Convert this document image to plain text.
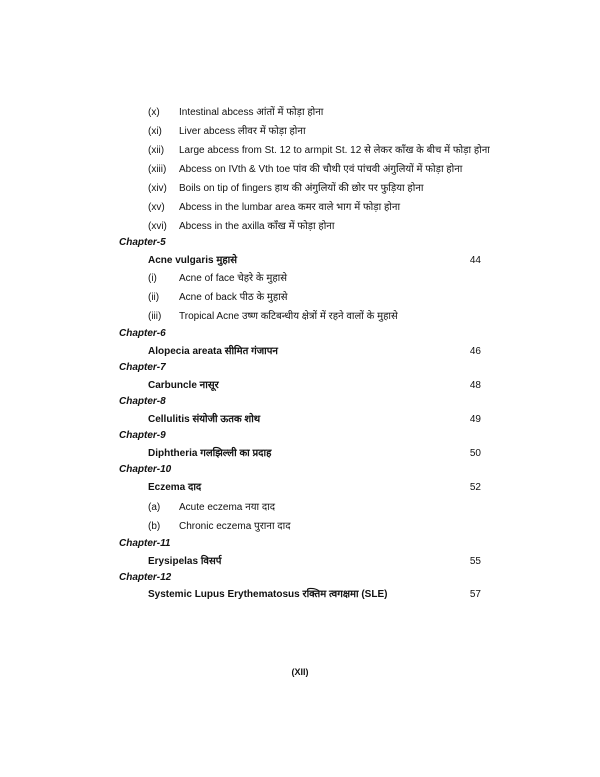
(x)	Intestinal abcess आंतों में फोड़ा होना
(xi)	Liver abcess लीवर में फोड़ा होना
(xii)	Large abcess from St. 12 to armpit St. 12 से लेकर कॉंख के बीच में फोड़ा होना
(xiii)	Abcess on IVth & Vth toe पांव की चौथी एवं पांचवी अंगुलियों में फोड़ा होना
(xiv)	Boils on tip of fingers हाथ की अंगुलियों की छोर पर फुड़िया होना
(xv)	Abcess in the lumbar area कमर वाले भाग में फोड़ा होना
(xvi)	Abcess in the axilla कॉंख में फोड़ा होना
Chapter-5
Acne vulgaris मुहासे	44
(i)	Acne of face चेहरे के मुहासे
(ii)	Acne of back पीठ के मुहासे
(iii)	Tropical Acne उष्ण कटिबन्धीय क्षेत्रों में रहने वालों के मुहासे
Chapter-6
Alopecia areata सीमित गंजापन	46
Chapter-7
Carbuncle नासूर	48
Chapter-8
Cellulitis संयोजी ऊतक शोथ	49
Chapter-9
Diphtheria गलझिल्ली का प्रदाह	50
Chapter-10
Eczema दाद	52
(a)	Acute eczema नया दाद
(b)	Chronic eczema पुराना दाद
Chapter-11
Erysipelas विसर्प	55
Chapter-12
Systemic Lupus Erythematosus रक्तिम त्वगक्षमा (SLE)	57
(XII)
